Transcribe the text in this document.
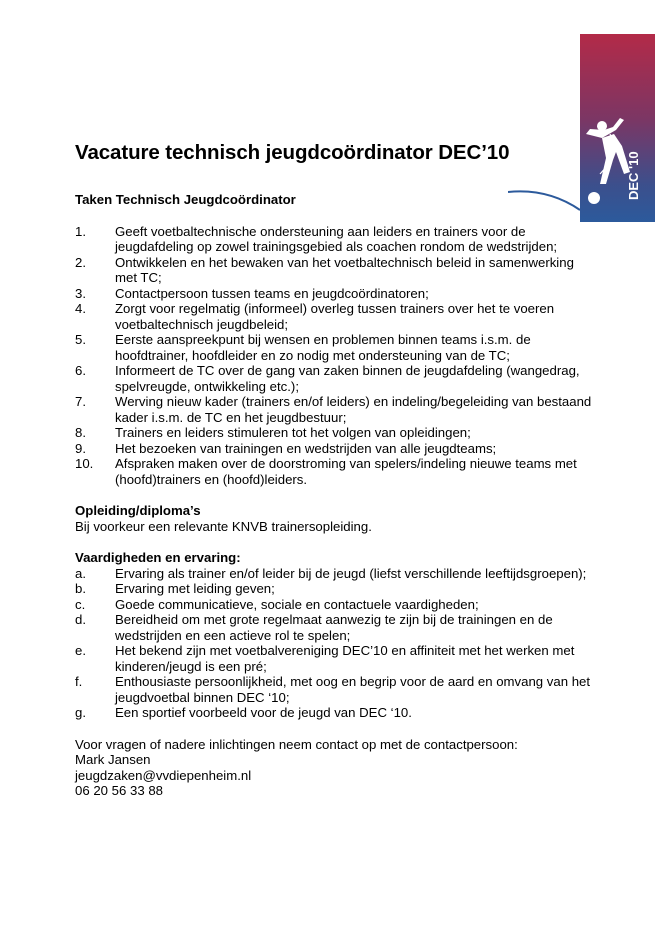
DEC '10
Vacature technisch jeugdcoördinator DEC’10
Taken Technisch Jeugdcoördinator
1.	Geeft voetbaltechnische ondersteuning aan leiders en trainers voor de jeugdafdeling op zowel trainingsgebied als coachen rondom de wedstrijden;
2.	Ontwikkelen en het bewaken van het voetbaltechnisch beleid in samenwerking met TC;
3.	Contactpersoon tussen teams en jeugdcoördinatoren;
4.	Zorgt voor regelmatig (informeel) overleg tussen trainers over het te voeren voetbaltechnisch jeugdbeleid;
5.	Eerste aanspreekpunt bij wensen en problemen binnen teams i.s.m. de hoofdtrainer, hoofdleider en zo nodig met ondersteuning van de TC;
6.	Informeert de TC over de gang van zaken binnen de jeugdafdeling (wangedrag, spelvreugde, ontwikkeling etc.);
7.	Werving nieuw kader (trainers en/of leiders) en indeling/begeleiding van bestaand kader i.s.m. de TC en het jeugdbestuur;
8.	Trainers en leiders stimuleren tot het volgen van opleidingen;
9.	Het bezoeken van trainingen en wedstrijden van alle jeugdteams;
10.	Afspraken maken over de doorstroming van spelers/indeling nieuwe teams met (hoofd)trainers en (hoofd)leiders.
Opleiding/diploma’s
Bij voorkeur een relevante KNVB trainersopleiding.
Vaardigheden en ervaring:
a.	Ervaring als trainer en/of leider bij de jeugd (liefst verschillende leeftijdsgroepen);
b.	Ervaring met leiding geven;
c.	Goede communicatieve, sociale en contactuele vaardigheden;
d.	Bereidheid om met grote regelmaat aanwezig te zijn bij de trainingen en de wedstrijden en een actieve rol te spelen;
e.	Het bekend zijn met voetbalvereniging DEC’10 en affiniteit met het werken met kinderen/jeugd is een pré;
f.	Enthousiaste persoonlijkheid, met oog en begrip voor de aard en omvang van het jeugdvoetbal binnen DEC ‘10;
g.	Een sportief voorbeeld voor de jeugd van DEC ‘10.
Voor vragen of nadere inlichtingen neem contact op met de contactpersoon:
Mark Jansen
jeugdzaken@vvdiepenheim.nl
06 20 56 33 88
